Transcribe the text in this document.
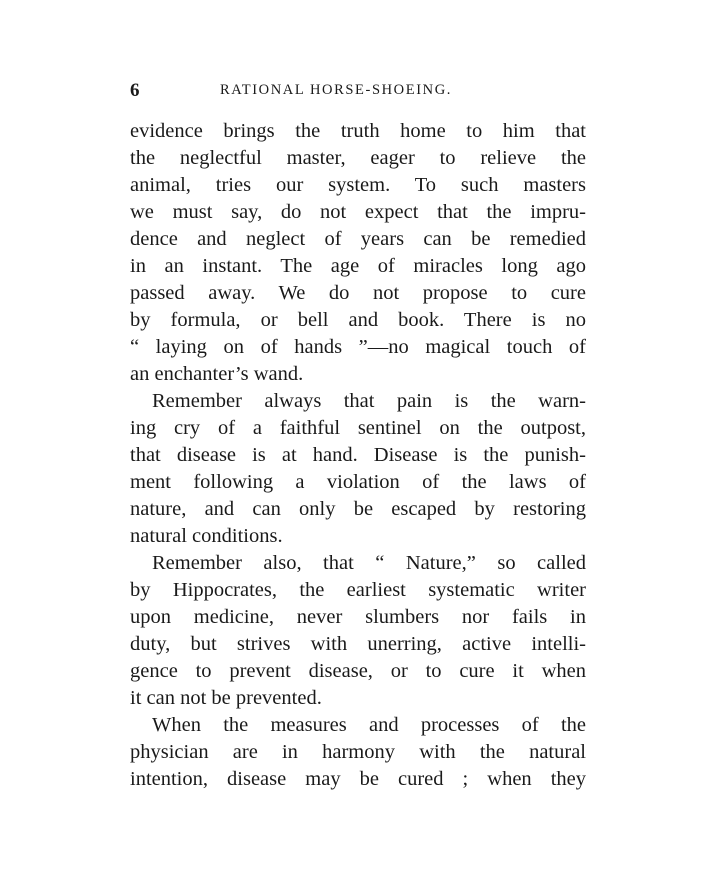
6	RATIONAL HORSE-SHOEING.
evidence brings the truth home to him that
the neglectful master, eager to relieve the
animal, tries our system. To such masters
we must say, do not expect that the impru-
dence and neglect of years can be remedied
in an instant. The age of miracles long ago
passed away. We do not propose to cure
by formula, or bell and book. There is no
“ laying on of hands ”—no magical touch of
an enchanter’s wand.
Remember always that pain is the warn-
ing cry of a faithful sentinel on the outpost,
that disease is at hand. Disease is the punish-
ment following a violation of the laws of
nature, and can only be escaped by restoring
natural conditions.
Remember also, that “ Nature,” so called
by Hippocrates, the earliest systematic writer
upon medicine, never slumbers nor fails in
duty, but strives with unerring, active intelli-
gence to prevent disease, or to cure it when
it can not be prevented.
When the measures and processes of the
physician are in harmony with the natural
intention, disease may be cured ; when they
